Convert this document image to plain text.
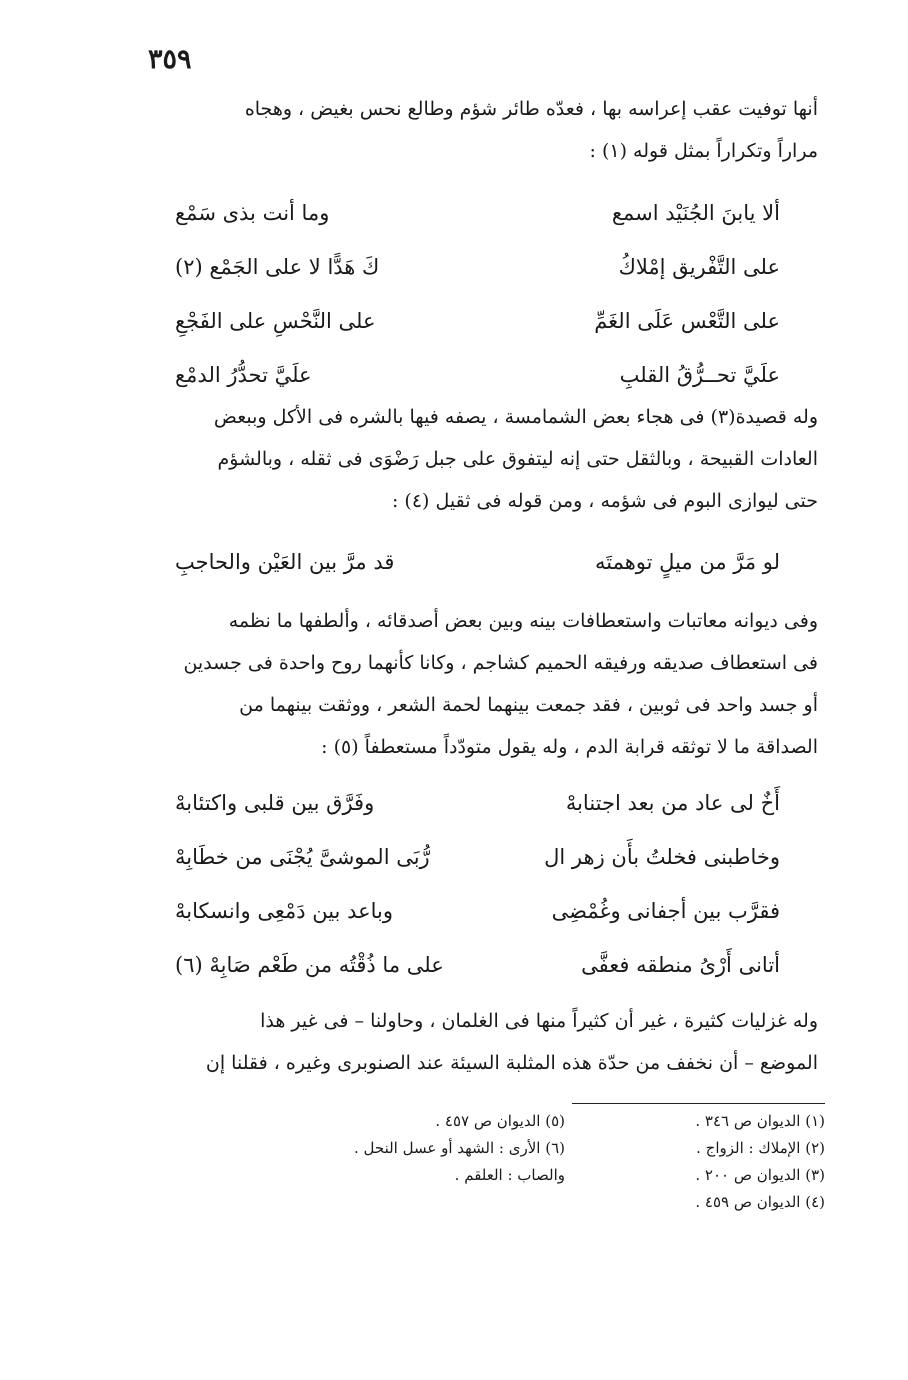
٣٥٩
أنها توفيت عقب إعراسه بها ، فعدّه طائر شؤم وطالع نحس بغيض ، وهجاه
مراراً وتكراراً بمثل قوله (١) :
ألا يابنَ الجُنَيْد اسمع
وما أنت بذى سَمْع
على التَّفْريق إمْلاكُ
كَ هَدًّا لا على الجَمْع (٢)
على التَّعْس عَلَى الغَمِّ
على النَّحْسِ على الفَجْعِ
علَيَّ تحــرُّقُ القلبِ
علَيَّ تحدُّرُ الدمْع
وله قصيدة(٣) فى هجاء بعض الشمامسة ، يصفه فيها بالشره فى الأكل وببعض
العادات القبيحة ، وبالثقل حتى إنه ليتفوق على جبل رَضْوَى فى ثقله ، وبالشؤم
حتى ليوازى البوم فى شؤمه ، ومن قوله فى ثقيل (٤) :
لو مَرَّ من ميلٍ توهمتَه
قد مرَّ بين العَيْن والحاجبِ
وفى ديوانه معاتبات واستعطافات بينه وبين بعض أصدقائه ، وألطفها ما نظمه
فى استعطاف صديقه ورفيقه الحميم كشاجم ، وكانا كأنهما روح واحدة فى جسدين
أو جسد واحد فى ثوبين ، فقد جمعت بينهما لحمة الشعر ، ووثقت بينهما من
الصداقة ما لا توثقه قرابة الدم ، وله يقول متودّداً مستعطفاً (٥) :
أَخٌ لى عاد من بعد اجتنابهْ
وفَرَّق بين قلبى واكتئابهْ
وخاطبنى فخلتُ بأَن زهر ال
رُّبَى الموشىَّ يُجْنَى من خطَابِهْ
فقرَّب بين أجفانى وغُمْضِى
وباعد بين دَمْعِى وانسكابهْ
أتانى أَرْىُ منطقه فعفَّى
على ما ذُقْتُه من طَعْم صَابِهْ (٦)
وله غزليات كثيرة ، غير أن كثيراً منها فى الغلمان ، وحاولنا – فى غير هذا
الموضع – أن نخفف من حدّة هذه المثلبة السيئة عند الصنوبرى وغيره ، فقلنا إن
(١) الديوان ص ٣٤٦ .
(٢) الإملاك : الزواج .
(٣) الديوان ص ٢٠٠ .
(٤) الديوان ص ٤٥٩ .
(٥) الديوان ص ٤٥٧ .
(٦) الأرى : الشهد أو عسل النحل .
والصاب : العلقم .
